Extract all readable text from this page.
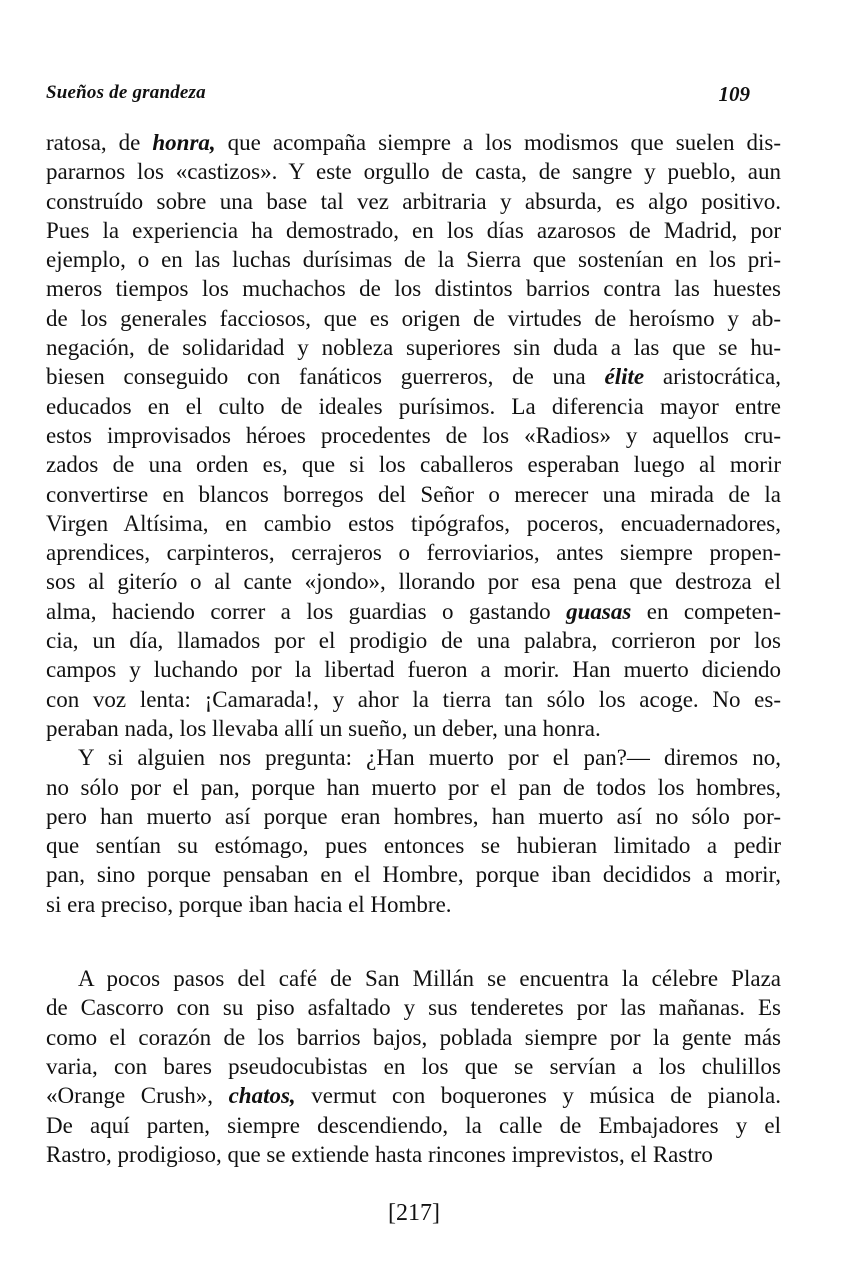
Sueños de grandeza	109
ratosa, de honra, que acompaña siempre a los modismos que suelen dis-
pararnos los «castizos». Y este orgullo de casta, de sangre y pueblo, aun
construído sobre una base tal vez arbitraria y absurda, es algo positivo.
Pues la experiencia ha demostrado, en los días azarosos de Madrid, por
ejemplo, o en las luchas durísimas de la Sierra que sostenían en los pri-
meros tiempos los muchachos de los distintos barrios contra las huestes
de los generales facciosos, que es origen de virtudes de heroísmo y ab-
negación, de solidaridad y nobleza superiores sin duda a las que se hu-
biesen conseguido con fanáticos guerreros, de una élite aristocrática,
educados en el culto de ideales purísimos. La diferencia mayor entre
estos improvisados héroes procedentes de los «Radios» y aquellos cru-
zados de una orden es, que si los caballeros esperaban luego al morir
convertirse en blancos borregos del Señor o merecer una mirada de la
Virgen Altísima, en cambio estos tipógrafos, poceros, encuadernadores,
aprendices, carpinteros, cerrajeros o ferroviarios, antes siempre propen-
sos al giterío o al cante «jondo», llorando por esa pena que destroza el
alma, haciendo correr a los guardias o gastando guasas en competen-
cia, un día, llamados por el prodigio de una palabra, corrieron por los
campos y luchando por la libertad fueron a morir. Han muerto diciendo
con voz lenta: ¡Camarada!, y ahor la tierra tan sólo los acoge. No es-
peraban nada, los llevaba allí un sueño, un deber, una honra.
Y si alguien nos pregunta: ¿Han muerto por el pan?— diremos no,
no sólo por el pan, porque han muerto por el pan de todos los hombres,
pero han muerto así porque eran hombres, han muerto así no sólo por-
que sentían su estómago, pues entonces se hubieran limitado a pedir
pan, sino porque pensaban en el Hombre, porque iban decididos a morir,
si era preciso, porque iban hacia el Hombre.
A pocos pasos del café de San Millán se encuentra la célebre Plaza
de Cascorro con su piso asfaltado y sus tenderetes por las mañanas. Es
como el corazón de los barrios bajos, poblada siempre por la gente más
varia, con bares pseudocubistas en los que se servían a los chulillos
«Orange Crush», chatos, vermut con boquerones y música de pianola.
De aquí parten, siempre descendiendo, la calle de Embajadores y el
Rastro, prodigioso, que se extiende hasta rincones imprevistos, el Rastro
[217]
